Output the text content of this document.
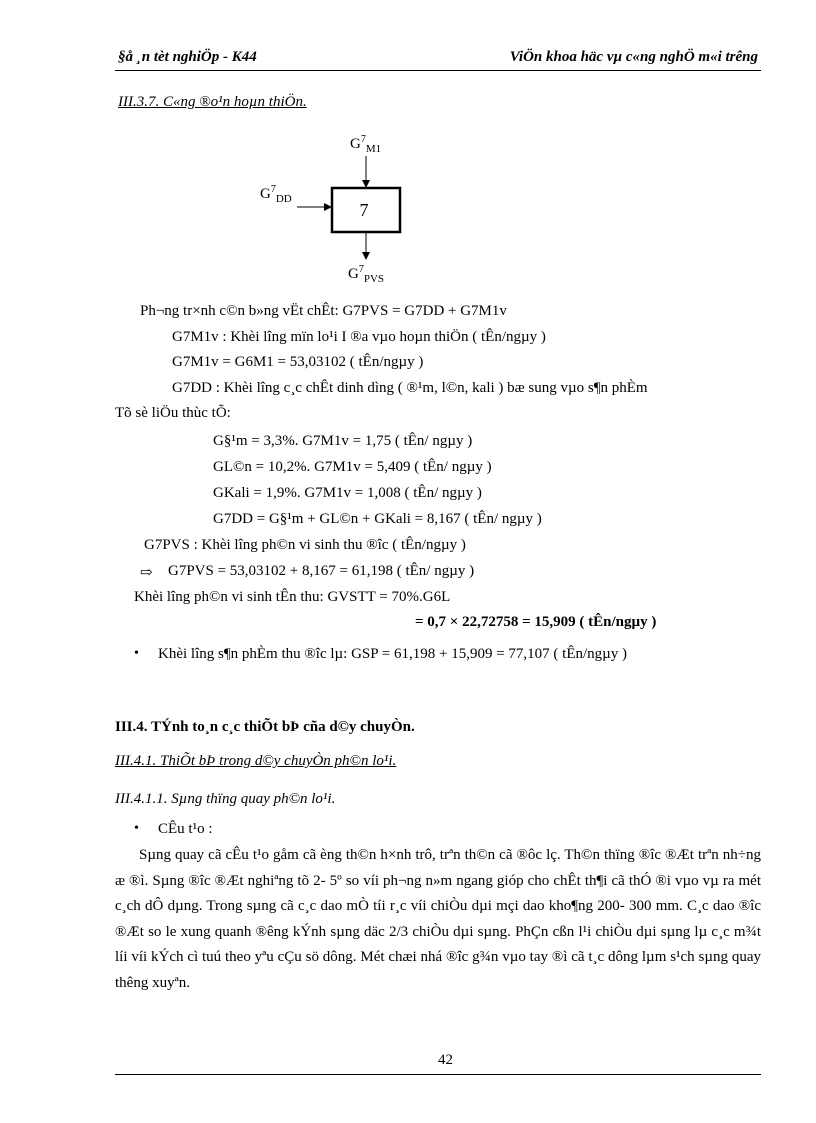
§å ¸n tèt nghiÖp - K44	ViÖn khoa häc vµ c«ng nghÖ m«i trêng
III.3.7. C«ng ®o¹n hoµn thiÖn.
7
$G^7_{M1}$
$G^7_{DD}$
$G^7_{PVS}$
Ph¬ng tr×nh c©n b»ng vËt chÊt: G7PVS = G7DD + G7M1v
G7M1v : Khèi lîng mïn lo¹i I ®a vµo hoµn thiÖn ( tÊn/ngµy )
G7M1v = G6M1 = 53,03102 ( tÊn/ngµy )
G7DD : Khèi lîng c¸c chÊt dinh dìng ( ®¹m, l©n, kali ) bæ sung vµo s¶n phÈm
Tõ sè liÖu thùc tÕ:
G§¹m = 3,3%. G7M1v = 1,75 ( tÊn/ ngµy )
GL©n = 10,2%. G7M1v = 5,409 ( tÊn/ ngµy )
GKali = 1,9%. G7M1v = 1,008 ( tÊn/ ngµy )
G7DD = G§¹m + GL©n + GKali = 8,167 ( tÊn/ ngµy )
G7PVS : Khèi lîng ph©n vi sinh thu ®îc ( tÊn/ngµy )
⇨ G7PVS = 53,03102 + 8,167 = 61,198 ( tÊn/ ngµy )
Khèi lîng ph©n vi sinh tÊn thu: GVSTT = 70%.G6L
= 0,7 × 22,72758 = 15,909 ( tÊn/ngµy )
• Khèi lîng s¶n phÈm thu ®îc lµ: GSP = 61,198 + 15,909 = 77,107 ( tÊn/ngµy )
III.4. TÝnh to¸n c¸c thiÕt bÞ cña d©y chuyÒn.
III.4.1. ThiÕt bÞ trong d©y chuyÒn ph©n lo¹i.
III.4.1.1. Sµng thïng quay ph©n lo¹i.
• CÊu t¹o :
Sµng quay cã cÊu t¹o gåm cã èng th©n h×nh trô, trªn th©n cã ®ôc lç. Th©n thïng ®îc ®Æt trªn nh÷ng æ ®ì. Sµng ®îc ®Æt nghiªng tõ 2- 5º so víi ph¬ng n»m ngang gióp cho chÊt th¶i cã thÓ ®i vµo vµ ra mét c¸ch dÔ dµng. Trong sµng cã c¸c dao mÒ tíi r¸c víi chiÒu dµi mçi dao kho¶ng 200- 300 mm. C¸c dao ®îc ®Æt so le xung quanh ®êng kÝnh sµng däc 2/3 chiÒu dµi sµng. PhÇn cßn l¹i chiÒu dµi sµng lµ c¸c m¾t líi víi kÝch cì tuú theo yªu cÇu sö dông. Mét chæi nhá ®îc g¾n vµo tay ®ì cã t¸c dông lµm s¹ch sµng quay thêng xuyªn.
42
